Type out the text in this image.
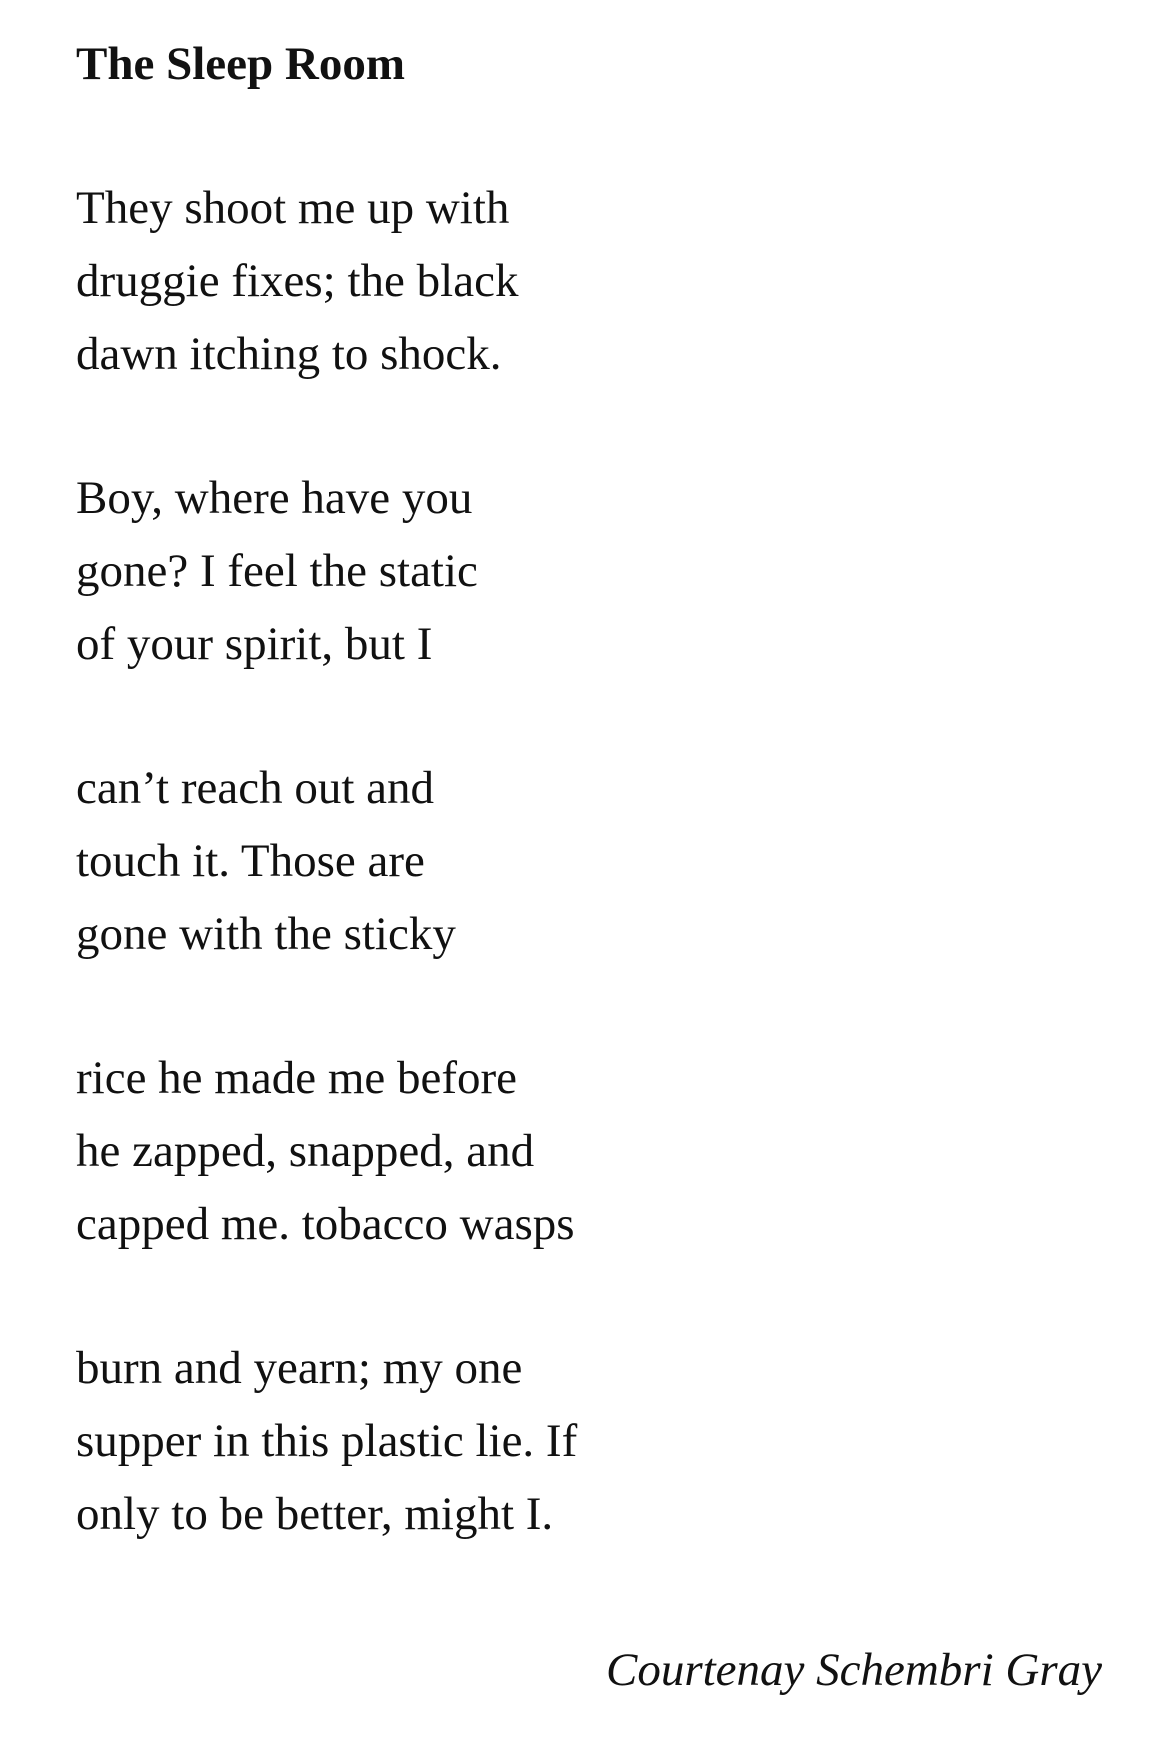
The Sleep Room
They shoot me up with
druggie fixes; the black
dawn itching to shock.
Boy, where have you
gone? I feel the static
of your spirit, but I
can’t reach out and
touch it. Those are
gone with the sticky
rice he made me before
he zapped, snapped, and
capped me. tobacco wasps
burn and yearn; my one
supper in this plastic lie. If
only to be better, might I.
Courtenay Schembri Gray
